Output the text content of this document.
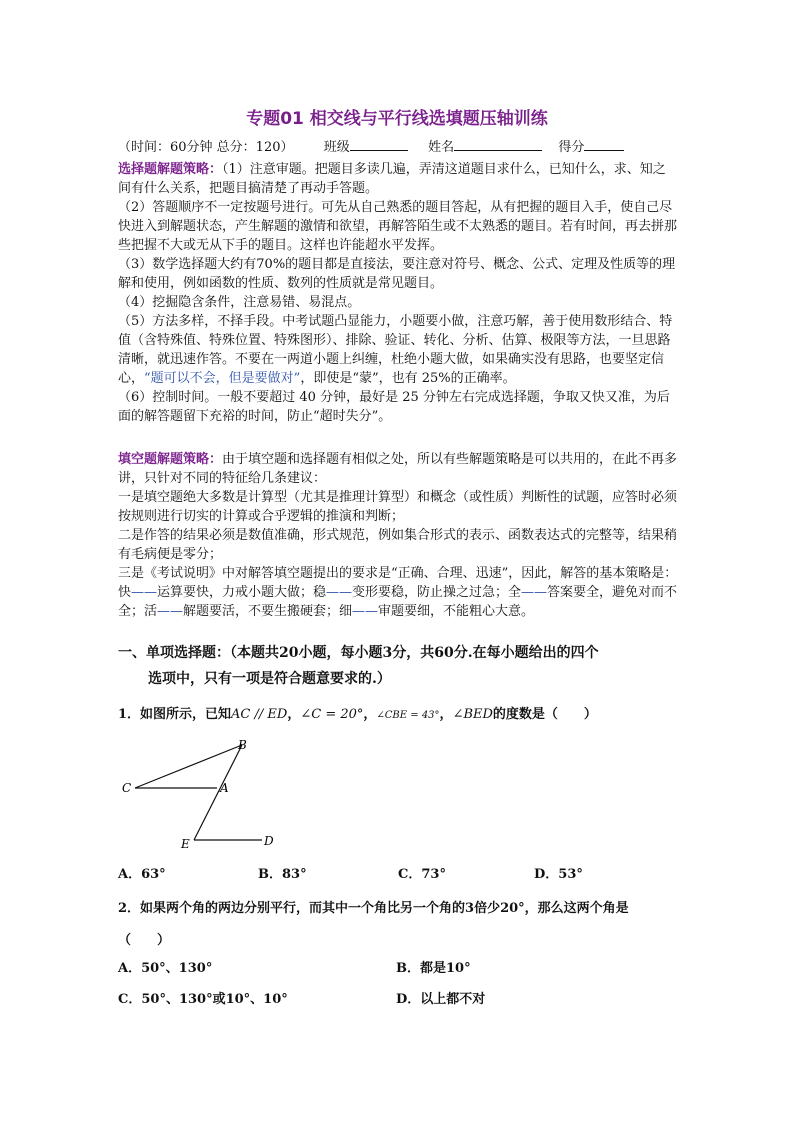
专题01 相交线与平行线选填题压轴训练
（时间：60分钟 总分：120） 班级	姓名	得分

选择题解题策略：（1）注意审题。把题目多读几遍，弄清这道题目求什么，已知什么，求、知之间有什么关系，把题目搞清楚了再动手答题。

（2）答题顺序不一定按题号进行。可先从自己熟悉的题目答起，从有把握的题目入手，使自己尽快进入到解题状态，产生解题的激情和欲望，再解答陌生或不太熟悉的题目。若有时间，再去拼那些把握不大或无从下手的题目。这样也许能超水平发挥。

（3）数学选择题大约有70%的题目都是直接法，要注意对符号、概念、公式、定理及性质等的理解和使用，例如函数的性质、数列的性质就是常见题目。

（4）挖掘隐含条件，注意易错、易混点。

（5）方法多样，不择手段。中考试题凸显能力，小题要小做，注意巧解，善于使用数形结合、特值（含特殊值、特殊位置、特殊图形）、排除、验证、转化、分析、估算、极限等方法，一旦思路清晰，就迅速作答。不要在一两道小题上纠缠，杜绝小题大做，如果确实没有思路，也要坚定信心，“题可以不会，但是要做对”，即使是“蒙”，也有 25%的正确率。

（6）控制时间。一般不要超过 40 分钟，最好是 25 分钟左右完成选择题，争取又快又准，为后面的解答题留下充裕的时间，防止“超时失分”。

填空题解题策略：由于填空题和选择题有相似之处，所以有些解题策略是可以共用的，在此不再多讲，只针对不同的特征给几条建议：

一是填空题绝大多数是计算型（尤其是推理计算型）和概念（或性质）判断性的试题，应答时必须按规则进行切实的计算或合乎逻辑的推演和判断；

二是作答的结果必须是数值准确，形式规范，例如集合形式的表示、函数表达式的完整等，结果稍有毛病便是零分；

三是《考试说明》中对解答填空题提出的要求是“正确、合理、迅速”，因此，解答的基本策略是：快——运算要快，力戒小题大做；稳——变形要稳，防止操之过急；全——答案要全，避免对而不全；活——解题要活，不要生搬硬套；细——审题要细，不能粗心大意。

一、单项选择题：（本题共20小题，每小题3分，共60分.在每小题给出的四个
选项中，只有一项是符合题意要求的.）
1．如图所示，已知AC // ED，∠C = 20°，∠CBE = 43°，∠BED的度数是（　　）
B
C	A
E	D
A．63°	B．83°	C．73°	D．53°
2．如果两个角的两边分别平行，而其中一个角比另一个角的3倍少20°，那么这两个角是
（　　）
A．50°、130°	B．都是10°
C．50°、130°或10°、10°	D．以上都不对
